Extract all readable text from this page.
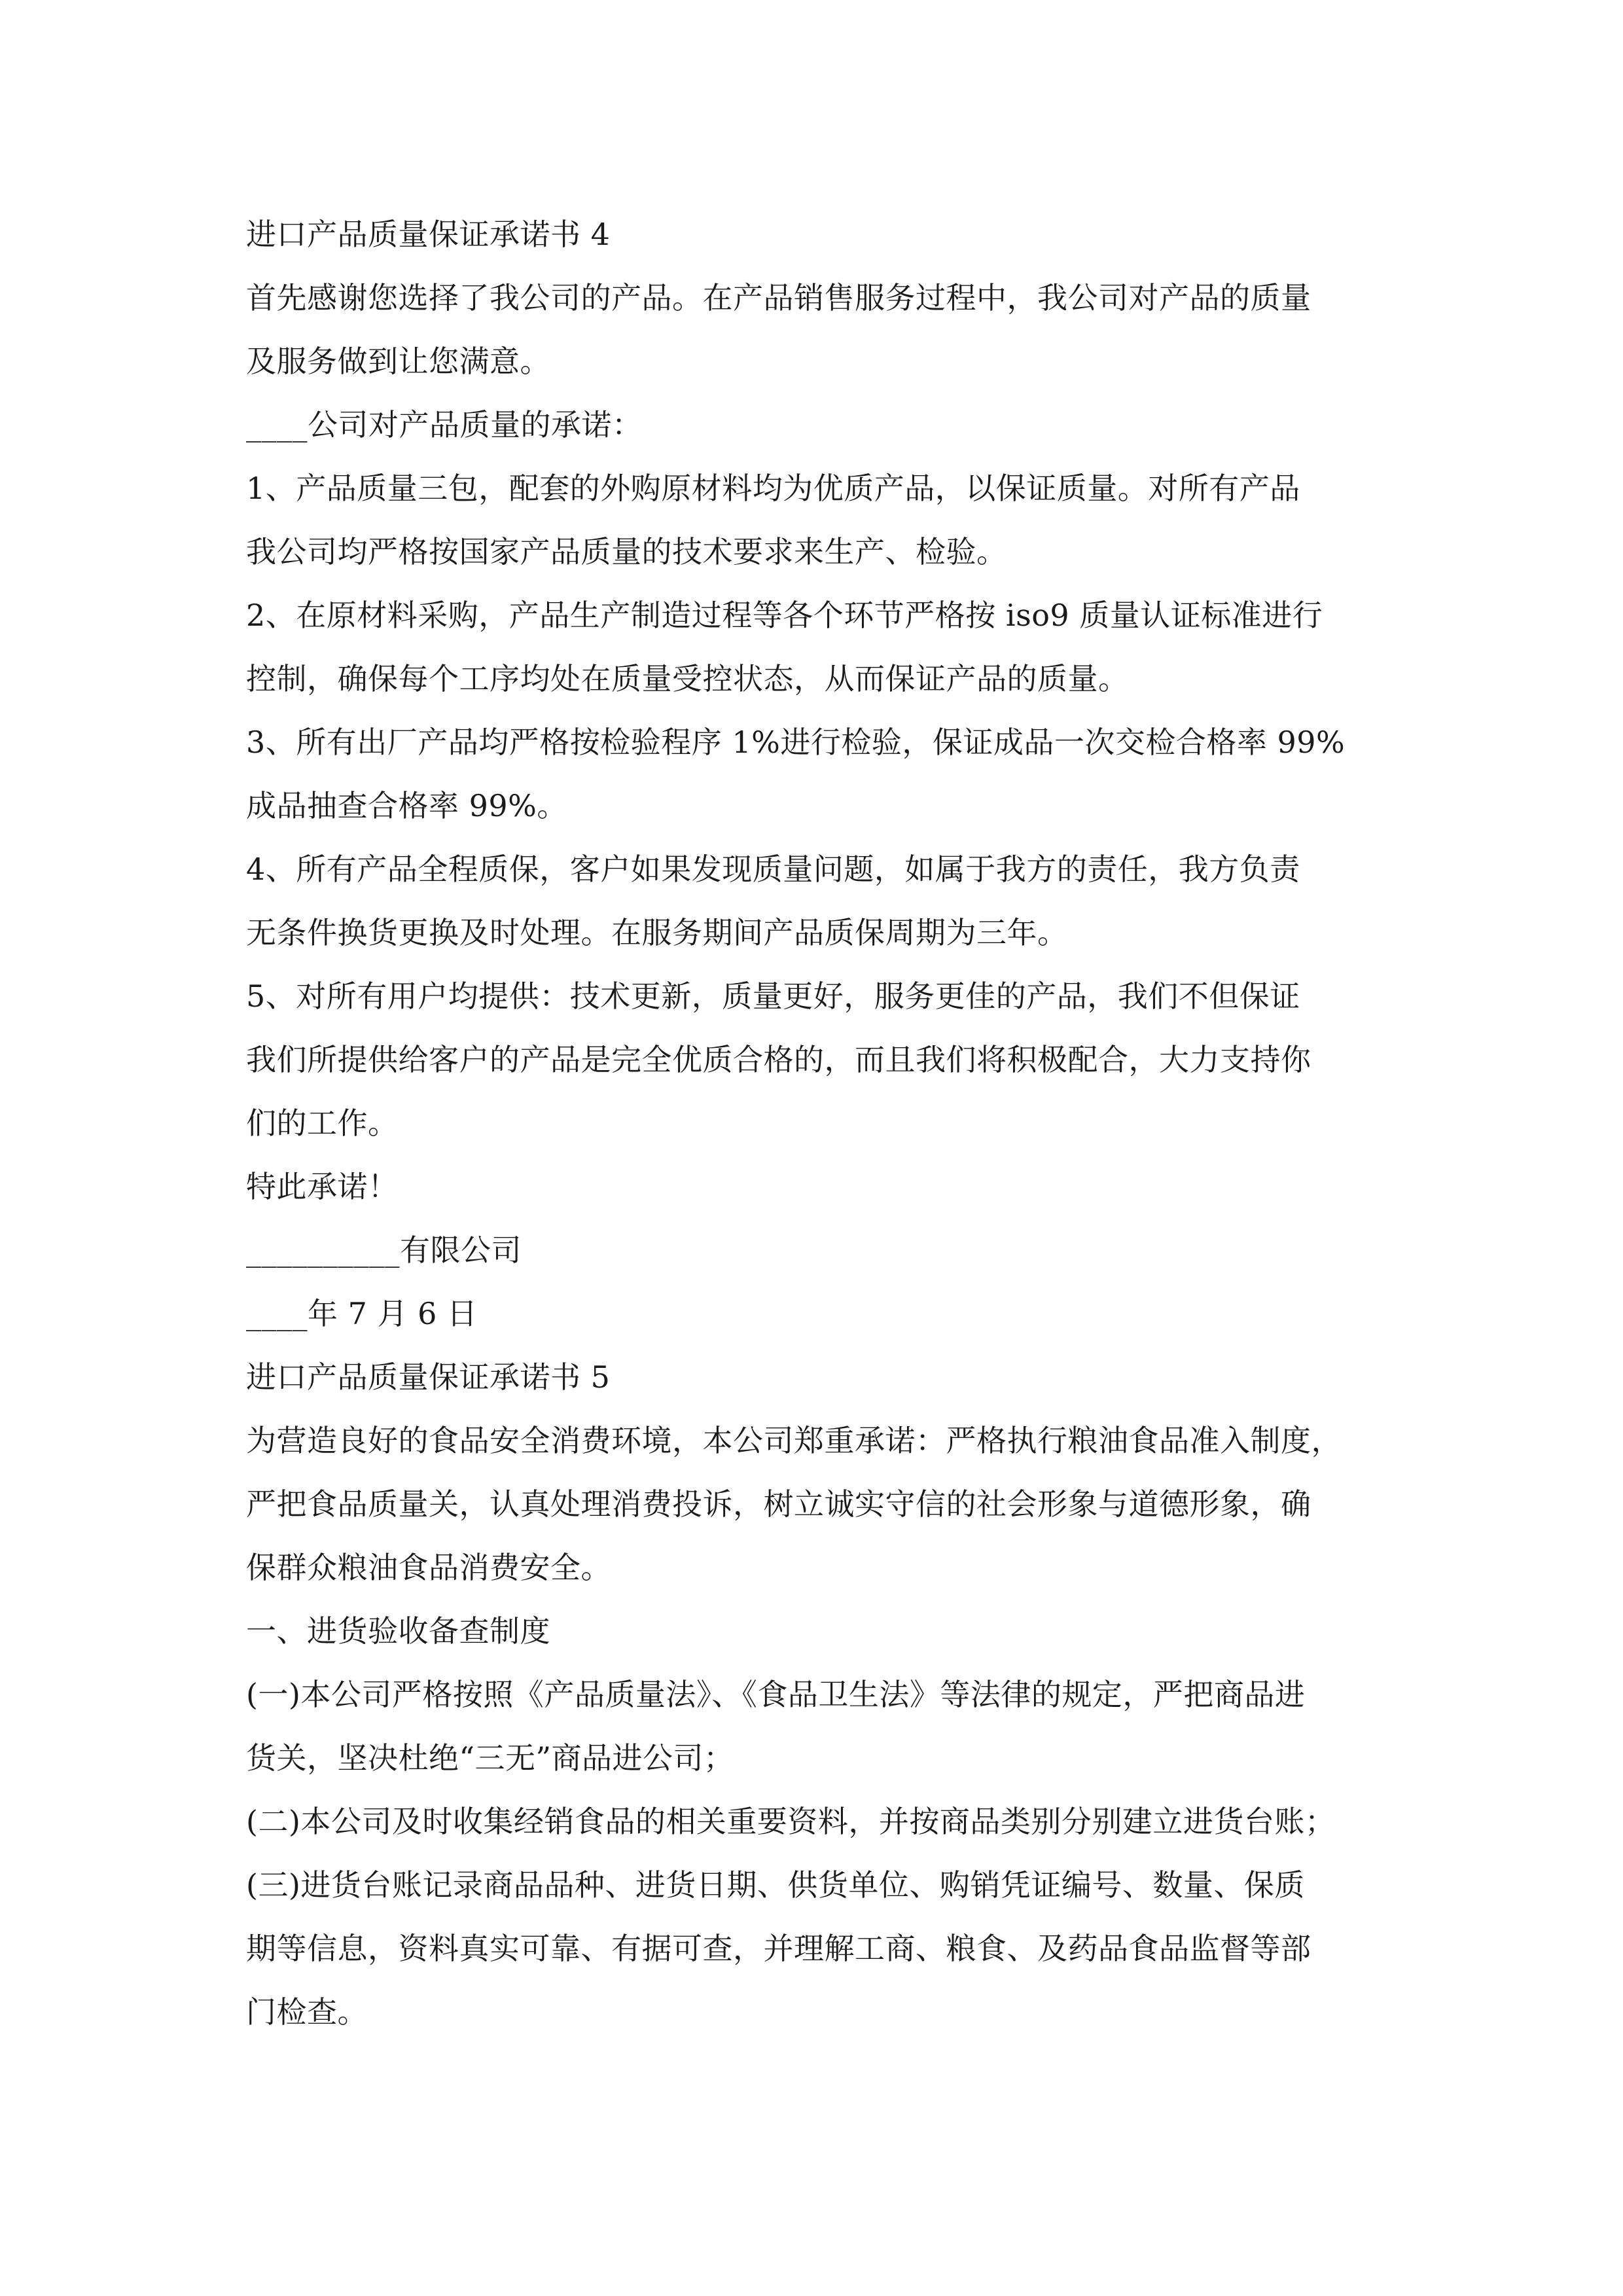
进口产品质量保证承诺书 4
首先感谢您选择了我公司的产品。在产品销售服务过程中，我公司对产品的质量
及服务做到让您满意。
____公司对产品质量的承诺：
1、产品质量三包，配套的外购原材料均为优质产品，以保证质量。对所有产品
我公司均严格按国家产品质量的技术要求来生产、检验。
2、在原材料采购，产品生产制造过程等各个环节严格按 iso9 质量认证标准进行
控制，确保每个工序均处在质量受控状态，从而保证产品的质量。
3、所有出厂产品均严格按检验程序 1%进行检验，保证成品一次交检合格率 99%
成品抽查合格率 99%。
4、所有产品全程质保，客户如果发现质量问题，如属于我方的责任，我方负责
无条件换货更换及时处理。在服务期间产品质保周期为三年。
5、对所有用户均提供：技术更新，质量更好，服务更佳的产品，我们不但保证
我们所提供给客户的产品是完全优质合格的，而且我们将积极配合，大力支持你
们的工作。
特此承诺！
__________有限公司
____年 7 月 6 日
进口产品质量保证承诺书 5
为营造良好的食品安全消费环境，本公司郑重承诺：严格执行粮油食品准入制度，
严把食品质量关，认真处理消费投诉，树立诚实守信的社会形象与道德形象，确
保群众粮油食品消费安全。
一、进货验收备查制度
(一)本公司严格按照《产品质量法》、《食品卫生法》等法律的规定，严把商品进
货关，坚决杜绝“三无”商品进公司；
(二)本公司及时收集经销食品的相关重要资料，并按商品类别分别建立进货台账；
(三)进货台账记录商品品种、进货日期、供货单位、购销凭证编号、数量、保质
期等信息，资料真实可靠、有据可查，并理解工商、粮食、及药品食品监督等部
门检查。
